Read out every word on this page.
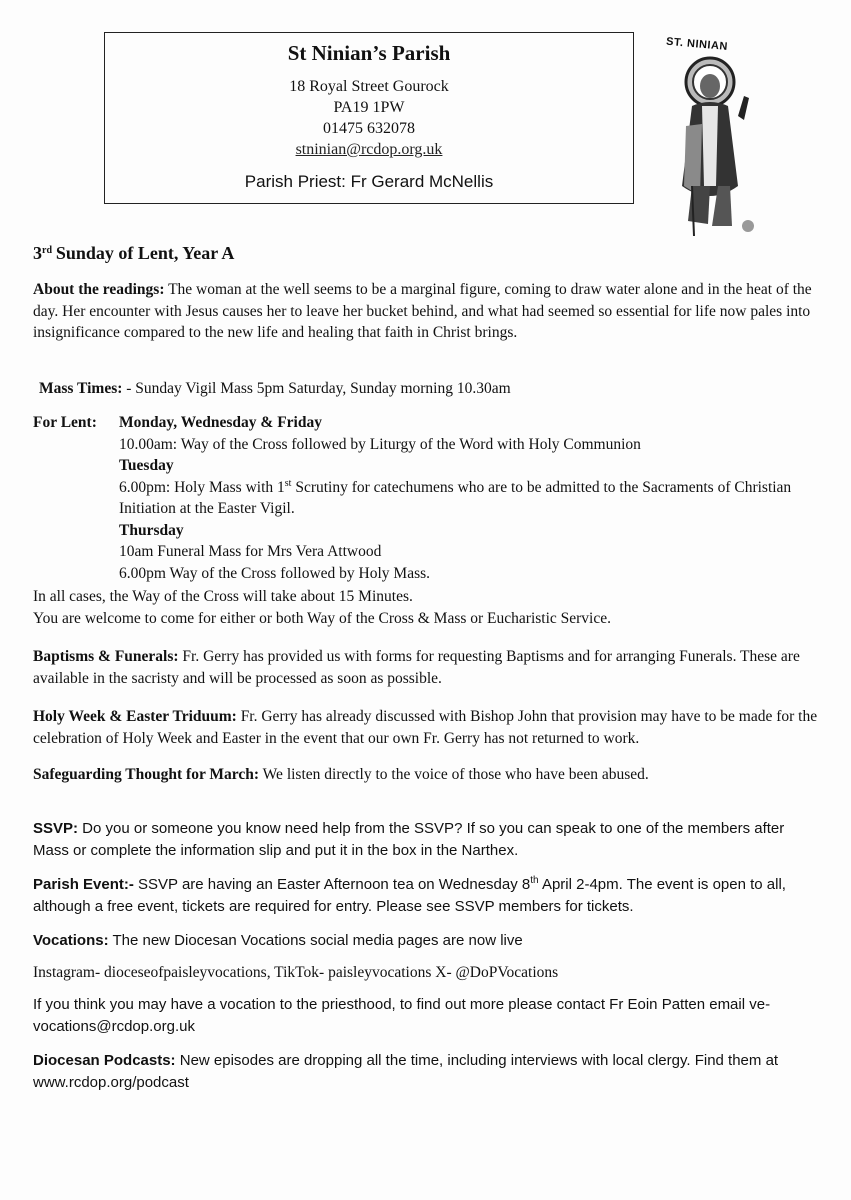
St Ninian’s Parish
18 Royal Street Gourock
PA19 1PW
01475 632078
stninian@rcdop.org.uk
Parish Priest: Fr Gerard McNellis
ST. NINIAN
3rd Sunday of Lent, Year A

About the readings: The woman at the well seems to be a marginal figure, coming to draw water alone and in the heat of the day. Her encounter with Jesus causes her to leave her bucket behind, and what had seemed so essential for life now pales into insignificance compared to the new life and healing that faith in Christ brings.

Mass Times: - Sunday Vigil Mass 5pm Saturday, Sunday morning 10.30am

For Lent: Monday, Wednesday & Friday
10.00am: Way of the Cross followed by Liturgy of the Word with Holy Communion
Tuesday
6.00pm: Holy Mass with 1st Scrutiny for catechumens who are to be admitted to the Sacraments of Christian Initiation at the Easter Vigil.
Thursday
10am Funeral Mass for Mrs Vera Attwood
6.00pm Way of the Cross followed by Holy Mass.
In all cases, the Way of the Cross will take about 15 Minutes.
You are welcome to come for either or both Way of the Cross & Mass or Eucharistic Service.

Baptisms & Funerals: Fr. Gerry has provided us with forms for requesting Baptisms and for arranging Funerals. These are available in the sacristy and will be processed as soon as possible.

Holy Week & Easter Triduum: Fr. Gerry has already discussed with Bishop John that provision may have to be made for the celebration of Holy Week and Easter in the event that our own Fr. Gerry has not returned to work.

Safeguarding Thought for March: We listen directly to the voice of those who have been abused.

SSVP: Do you or someone you know need help from the SSVP? If so you can speak to one of the members after Mass or complete the information slip and put it in the box in the Narthex.

Parish Event:- SSVP are having an Easter Afternoon tea on Wednesday 8th April 2-4pm. The event is open to all, although a free event, tickets are required for entry. Please see SSVP members for tickets.

Vocations: The new Diocesan Vocations social media pages are now live

Instagram- dioceseofpaisleyvocations, TikTok- paisleyvocations X- @DoPVocations

If you think you may have a vocation to the priesthood, to find out more please contact Fr Eoin Patten email ve-vocations@rcdop.org.uk

Diocesan Podcasts: New episodes are dropping all the time, including interviews with local clergy. Find them at www.rcdop.org/podcast
